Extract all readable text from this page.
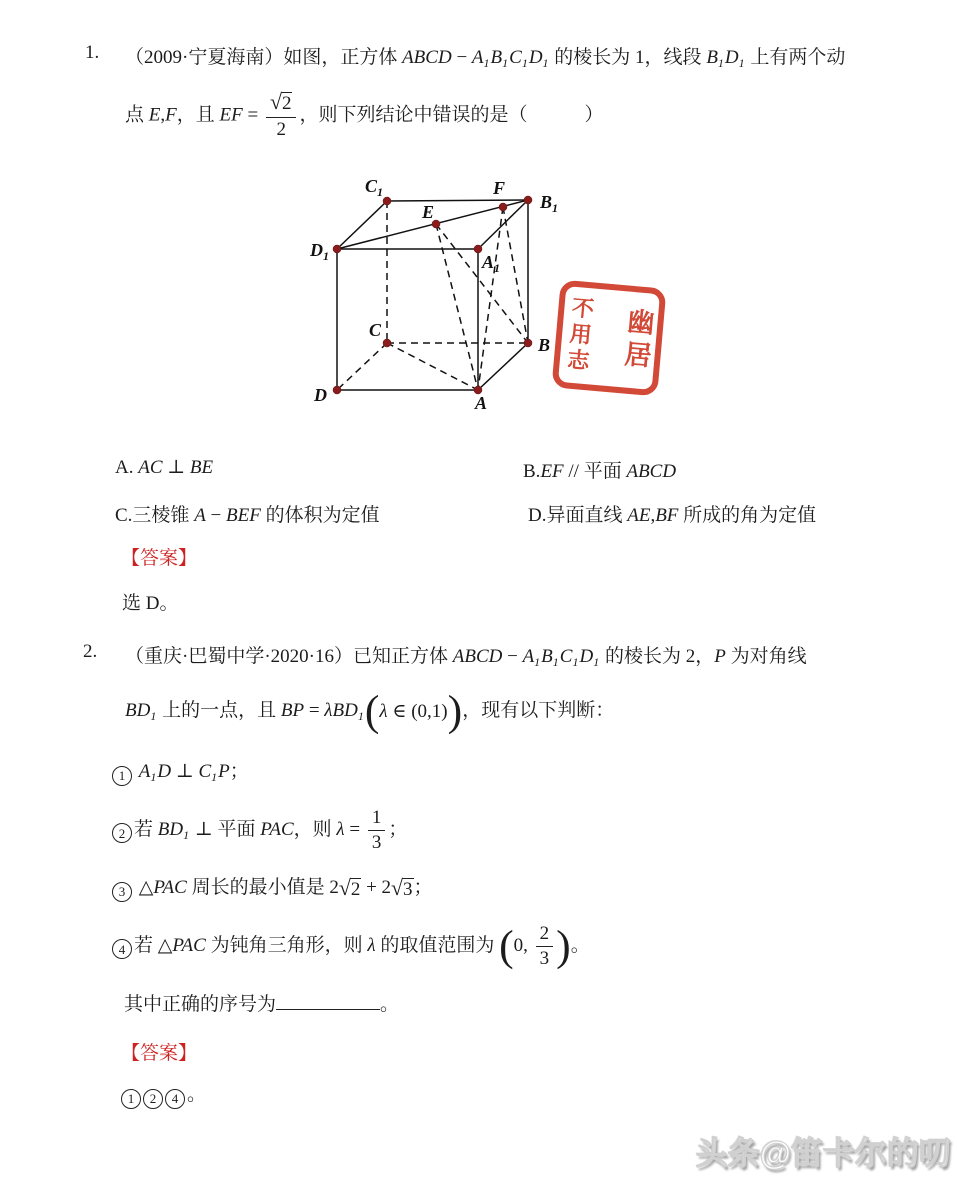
1. （2009·宁夏海南）如图，正方体 ABCD − $A_1B_1C_1D_1$ 的棱长为 1，线段 $B_1D_1$ 上有两个动
点 E,F，且 EF = $\frac{√ 2}{2}$ ，则下列结论中错误的是（　　　）
$C_1$	F
$B_1$
E
$D_1$	$A_1$
C
B
D	A
不用志 幽居
A. AC ⊥ BE	B.EF // 平面 ABCD
C.三棱锥 A − BEF 的体积为定值	D.异面直线 AE,BF 所成的角为定值
【答案】
选 D。
2. （重庆·巴蜀中学·2020·16）已知正方体 ABCD − $A_1B_1C_1D_1$ 的棱长为 2，P 为对角线
$BD_1$ 上的一点，且 BP = λBD$_1$ ( λ ∈ (0,1) ) ，现有以下判断：
1 $A_1D$ ⊥ $C_1P$；
2 若 $BD_1$ ⊥ 平面 PAC，则 $\lambda = \frac{1}{3}$ ；
3 △PAC 周长的最小值是 2 √ 2 + 2 √ 3 ；
4 若 △PAC 为钝角三角形，则 λ 的取值范围为 ( 0, $\frac{2}{3}$ ) 。
其中正确的序号为	。
【答案】
1 2 4 。
头条@笛卡尔的叨
